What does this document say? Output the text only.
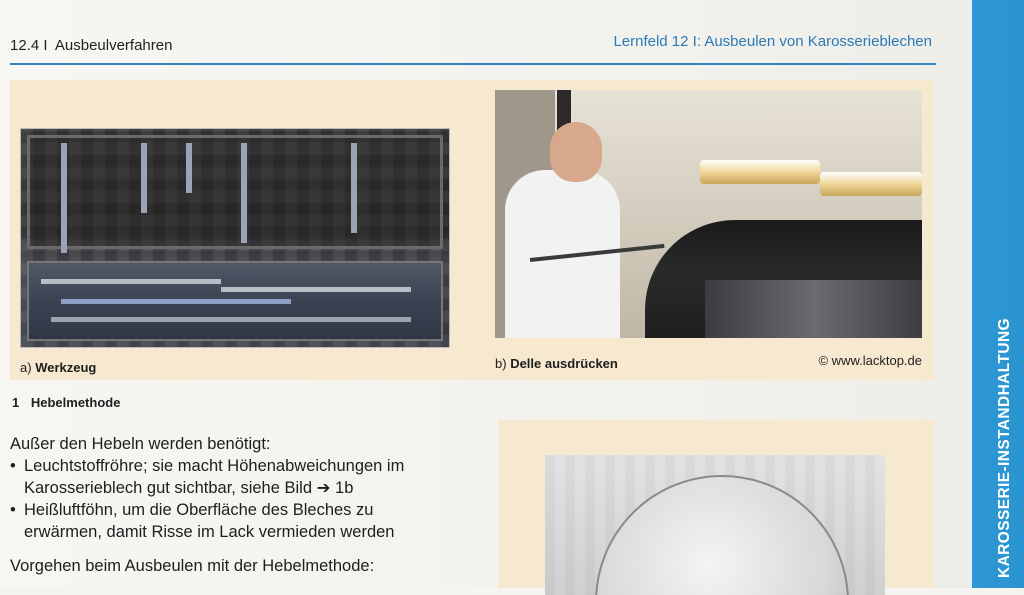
12.4 I Ausbeulverfahren	Lernfeld 12 I: Ausbeulen von Karosserieblechen
a) Werkzeug	b) Delle ausdrücken	© www.lacktop.de
1 Hebelmethode

Außer den Hebeln werden benötigt:

• Leuchtstoffröhre; sie macht Höhenabweichungen im Karosserieblech gut sichtbar, siehe Bild ➔ 1b
• Heißluftföhn, um die Oberfläche des Bleches zu erwärmen, damit Risse im Lack vermieden werden

Vorgehen beim Ausbeulen mit der Hebelmethode:	KAROSSERIE-INSTANDHALTUNG
